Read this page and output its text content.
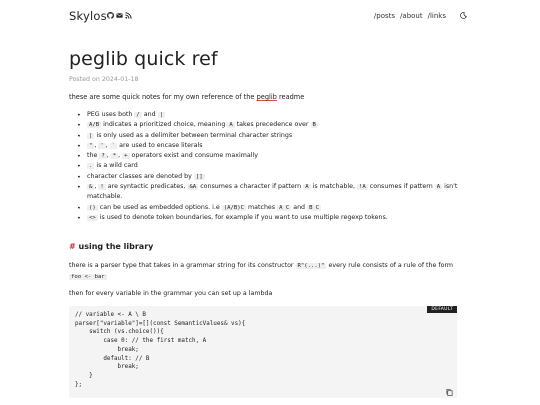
Skylos	/posts /about /links
peglib quick ref
Posted on 2024-01-18

these are some quick notes for my own reference of the peglib readme

• PEG uses both / and |
• A/B indicates a prioritized choice, meaning A takes precedence over B
• | is only used as a delimiter between terminal character strings
• " , ' , ` are used to encase literals
• the ? , * , + operators exist and consume maximally
• . is a wild card
• character classes are denoted by []
• & , ! are syntactic predicates, &A consumes a character if pattern A is matchable, !A consumes if pattern A isn't matchable.
• () can be used as embedded options. i.e (A/B)C matches A C and B C
• <> is used to denote token boundaries, for example if you want to use multiple regexp tokens.
# using the library

there is a parser type that takes in a grammar string for its constructor R"(...)" every rule consists of a rule of the form foo <- bar

then for every variable in the grammar you can set up a lambda

DEFAULT
// variable <- A \ B
parser["variable"]=[](const SemanticValues& vs){
switch (vs.choice()){
case 0: // the first match, A
break;
default: // B
break;
}
};
